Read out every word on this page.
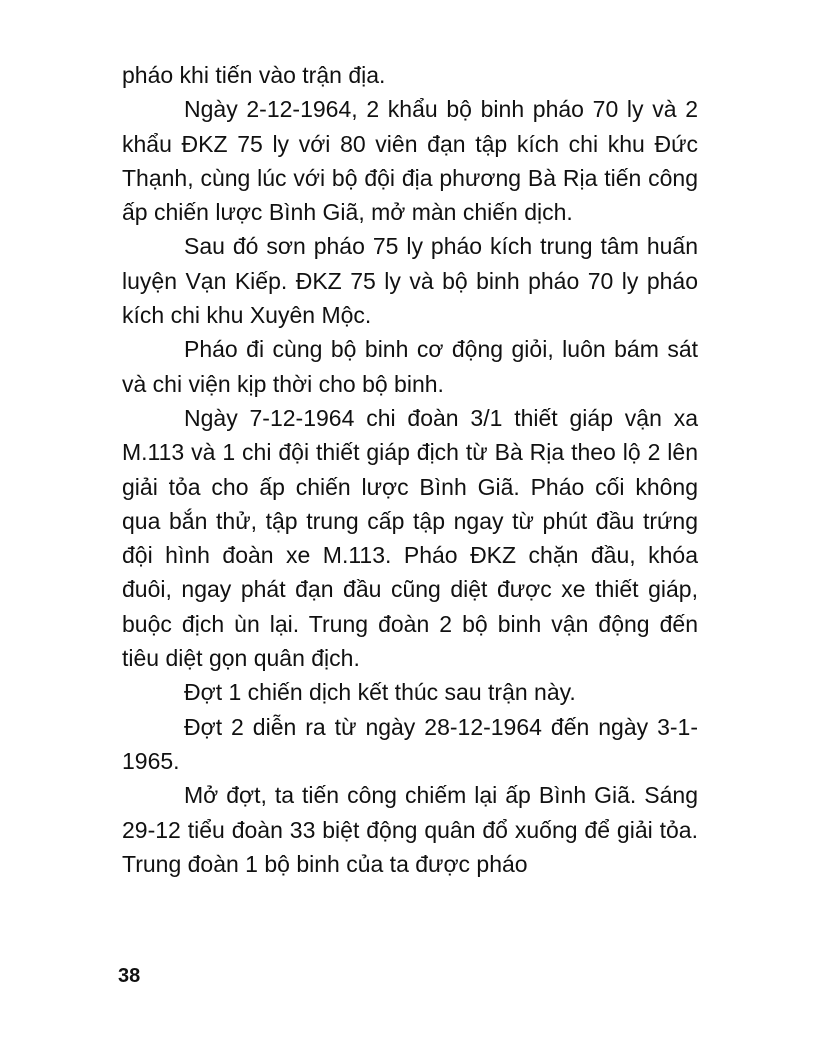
pháo khi tiến vào trận địa.

Ngày 2-12-1964, 2 khẩu bộ binh pháo 70 ly và 2 khẩu ĐKZ 75 ly với 80 viên đạn tập kích chi khu Đức Thạnh, cùng lúc với bộ đội địa phương Bà Rịa tiến công ấp chiến lược Bình Giã, mở màn chiến dịch.

Sau đó sơn pháo 75 ly pháo kích trung tâm huấn luyện Vạn Kiếp. ĐKZ 75 ly và bộ binh pháo 70 ly pháo kích chi khu Xuyên Mộc.

Pháo đi cùng bộ binh cơ động giỏi, luôn bám sát và chi viện kịp thời cho bộ binh.

Ngày 7-12-1964 chi đoàn 3/1 thiết giáp vận xa M.113 và 1 chi đội thiết giáp địch từ Bà Rịa theo lộ 2 lên giải tỏa cho ấp chiến lược Bình Giã. Pháo cối không qua bắn thử, tập trung cấp tập ngay từ phút đầu trứng đội hình đoàn xe M.113. Pháo ĐKZ chặn đầu, khóa đuôi, ngay phát đạn đầu cũng diệt được xe thiết giáp, buộc địch ùn lại. Trung đoàn 2 bộ binh vận động đến tiêu diệt gọn quân địch.

Đợt 1 chiến dịch kết thúc sau trận này.

Đợt 2 diễn ra từ ngày 28-12-1964 đến ngày 3-1-1965.

Mở đợt, ta tiến công chiếm lại ấp Bình Giã. Sáng 29-12 tiểu đoàn 33 biệt động quân đổ xuống để giải tỏa. Trung đoàn 1 bộ binh của ta được pháo

38
